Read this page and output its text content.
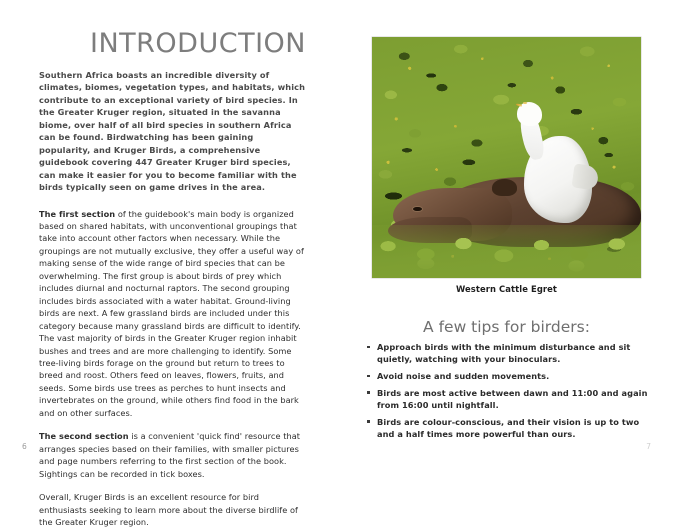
INTRODUCTION

Southern Africa boasts an incredible diversity of climates, biomes, vegetation types, and habitats, which contribute to an exceptional variety of bird species. In the Greater Kruger region, situated in the savanna biome, over half of all bird species in southern Africa can be found. Birdwatching has been gaining popularity, and Kruger Birds, a comprehensive guidebook covering 447 Greater Kruger bird species, can make it easier for you to become familiar with the birds typically seen on game drives in the area.

The first section of the guidebook's main body is organized based on shared habitats, with unconventional groupings that take into account other factors when necessary. While the groupings are not mutually exclusive, they offer a useful way of making sense of the wide range of bird species that can be overwhelming. The first group is about birds of prey which includes diurnal and nocturnal raptors. The second grouping includes birds associated with a water habitat. Ground-living birds are next. A few grassland birds are included under this category because many grassland birds are difficult to identify. The vast majority of birds in the Greater Kruger region inhabit bushes and trees and are more challenging to identify. Some tree-living birds forage on the ground but return to trees to breed and roost. Others feed on leaves, flowers, fruits, and seeds. Some birds use trees as perches to hunt insects and invertebrates on the ground, while others find food in the bark and on other surfaces.

The second section is a convenient 'quick find' resource that arranges species based on their families, with smaller pictures and page numbers referring to the first section of the book. Sightings can be recorded in tick boxes.

Overall, Kruger Birds is an excellent resource for bird enthusiasts seeking to learn more about the diverse birdlife of the Greater Kruger region.

6
Western Cattle Egret
A few tips for birders:
Approach birds with the minimum disturbance and sit quietly, watching with your binoculars.
Avoid noise and sudden movements.
Birds are most active between dawn and 11:00 and again from 16:00 until nightfall.
Birds are colour-conscious, and their vision is up to two and a half times more powerful than ours.
7
